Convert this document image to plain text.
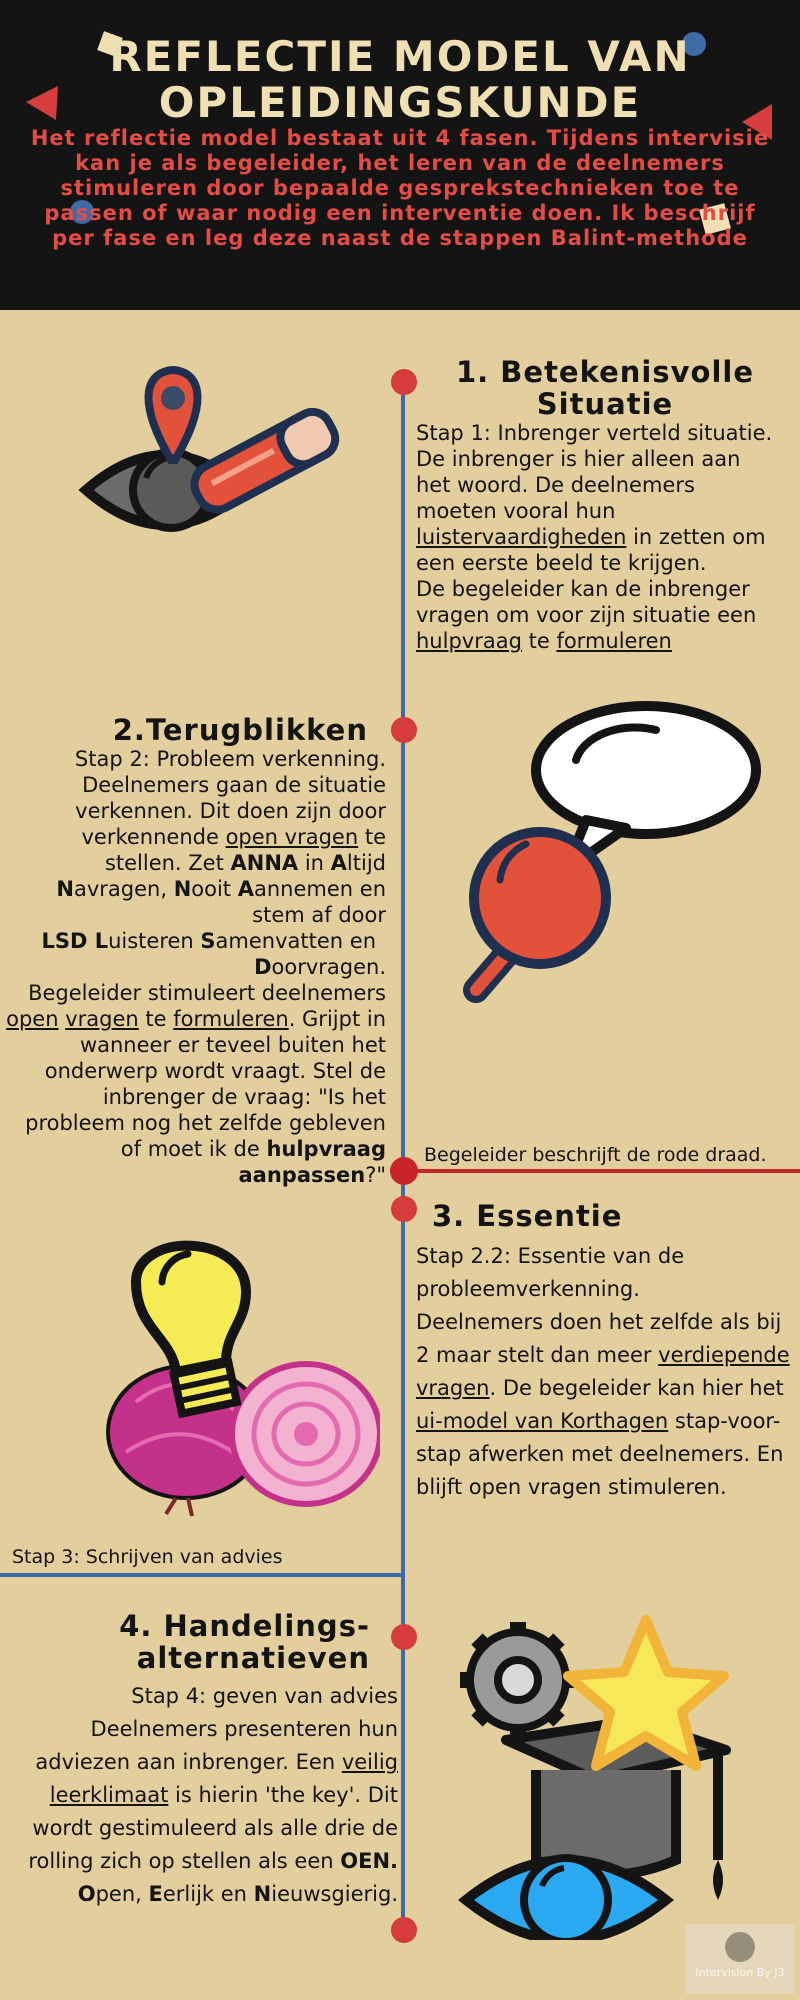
REFLECTIE MODEL VAN OPLEIDINGSKUNDE
Het reflectie model bestaat uit 4 fasen. Tijdens intervisie kan je als begeleider, het leren van de deelnemers stimuleren door bepaalde gesprekstechnieken toe te passen of waar nodig een interventie doen. Ik beschrijf per fase en leg deze naast de stappen Balint-methode
1. Betekenisvolle
Situatie
Stap 1: Inbrenger verteld situatie.
De inbrenger is hier alleen aan
het woord. De deelnemers
moeten vooral hun
luistervaardigheden in zetten om
een eerste beeld te krijgen.
De begeleider kan de inbrenger
vragen om voor zijn situatie een
hulpvraag te formuleren
2.Terugblikken
Stap 2: Probleem verkenning.
Deelnemers gaan de situatie
verkennen. Dit doen zijn door
verkennende open vragen te
stellen. Zet ANNA in Altijd
Navragen, Nooit Aannemen en
stem af door
LSD Luisteren Samenvatten en
Doorvragen.
Begeleider stimuleert deelnemers
open vragen te formuleren. Grijpt in
wanneer er teveel buiten het
onderwerp wordt vraagt. Stel de
inbrenger de vraag: "Is het
probleem nog het zelfde gebleven
of moet ik de hulpvraag
aanpassen?"
Begeleider beschrijft de rode draad.
3. Essentie
Stap 2.2: Essentie van de
probleemverkenning.
Deelnemers doen het zelfde als bij
2 maar stelt dan meer verdiepende
vragen. De begeleider kan hier het
ui-model van Korthagen stap-voor-
stap afwerken met deelnemers. En
blijft open vragen stimuleren.
Stap 3: Schrijven van advies
4. Handelings-
alternatieven
Stap 4: geven van advies
Deelnemers presenteren hun
adviezen aan inbrenger. Een veilig
leerklimaat is hierin 'the key'. Dit
wordt gestimuleerd als alle drie de
rolling zich op stellen als een OEN.
Open, Eerlijk en Nieuwsgierig.
Intervision By J3
